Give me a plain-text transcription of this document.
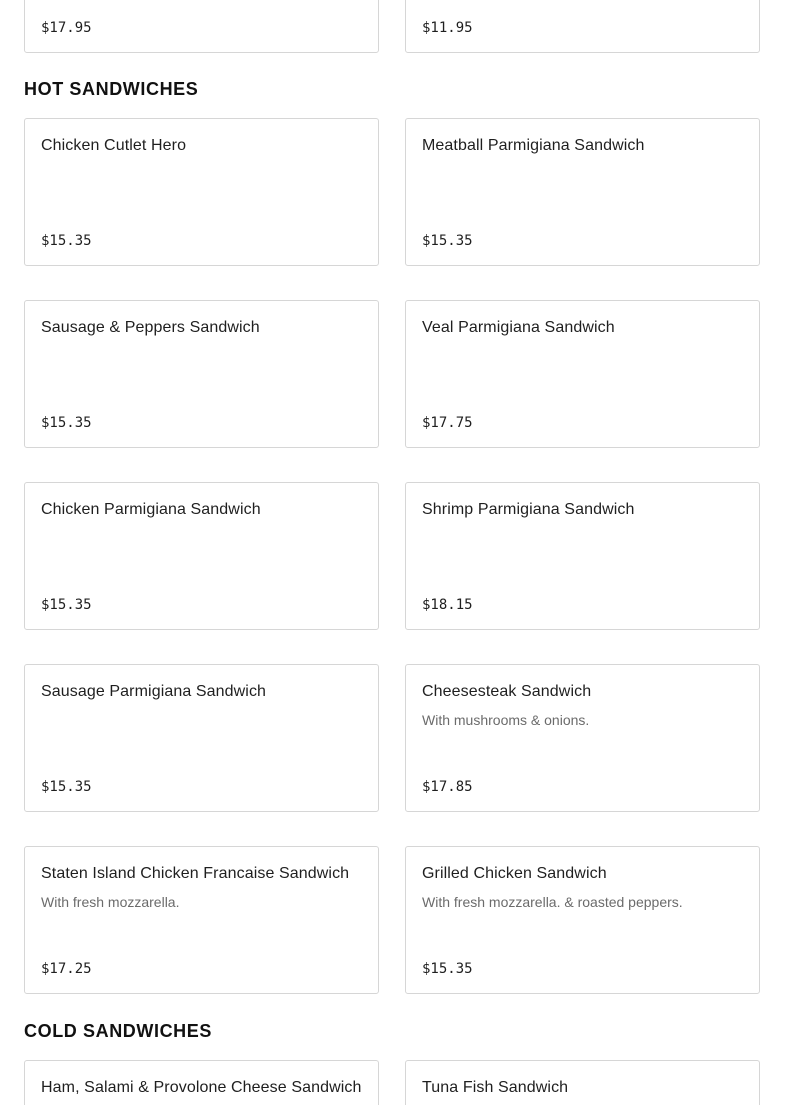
$17.95	$11.95
HOT SANDWICHES
Chicken Cutlet Hero
$15.35
Meatball Parmigiana Sandwich
$15.35
Sausage & Peppers Sandwich
$15.35
Veal Parmigiana Sandwich
$17.75
Chicken Parmigiana Sandwich
$15.35
Shrimp Parmigiana Sandwich
$18.15
Sausage Parmigiana Sandwich
$15.35
Cheesesteak Sandwich
With mushrooms & onions.
$17.85
Staten Island Chicken Francaise Sandwich
With fresh mozzarella.
$17.25
Grilled Chicken Sandwich
With fresh mozzarella. & roasted peppers.
$15.35
COLD SANDWICHES
Ham, Salami & Provolone Cheese Sandwich	Tuna Fish Sandwich
